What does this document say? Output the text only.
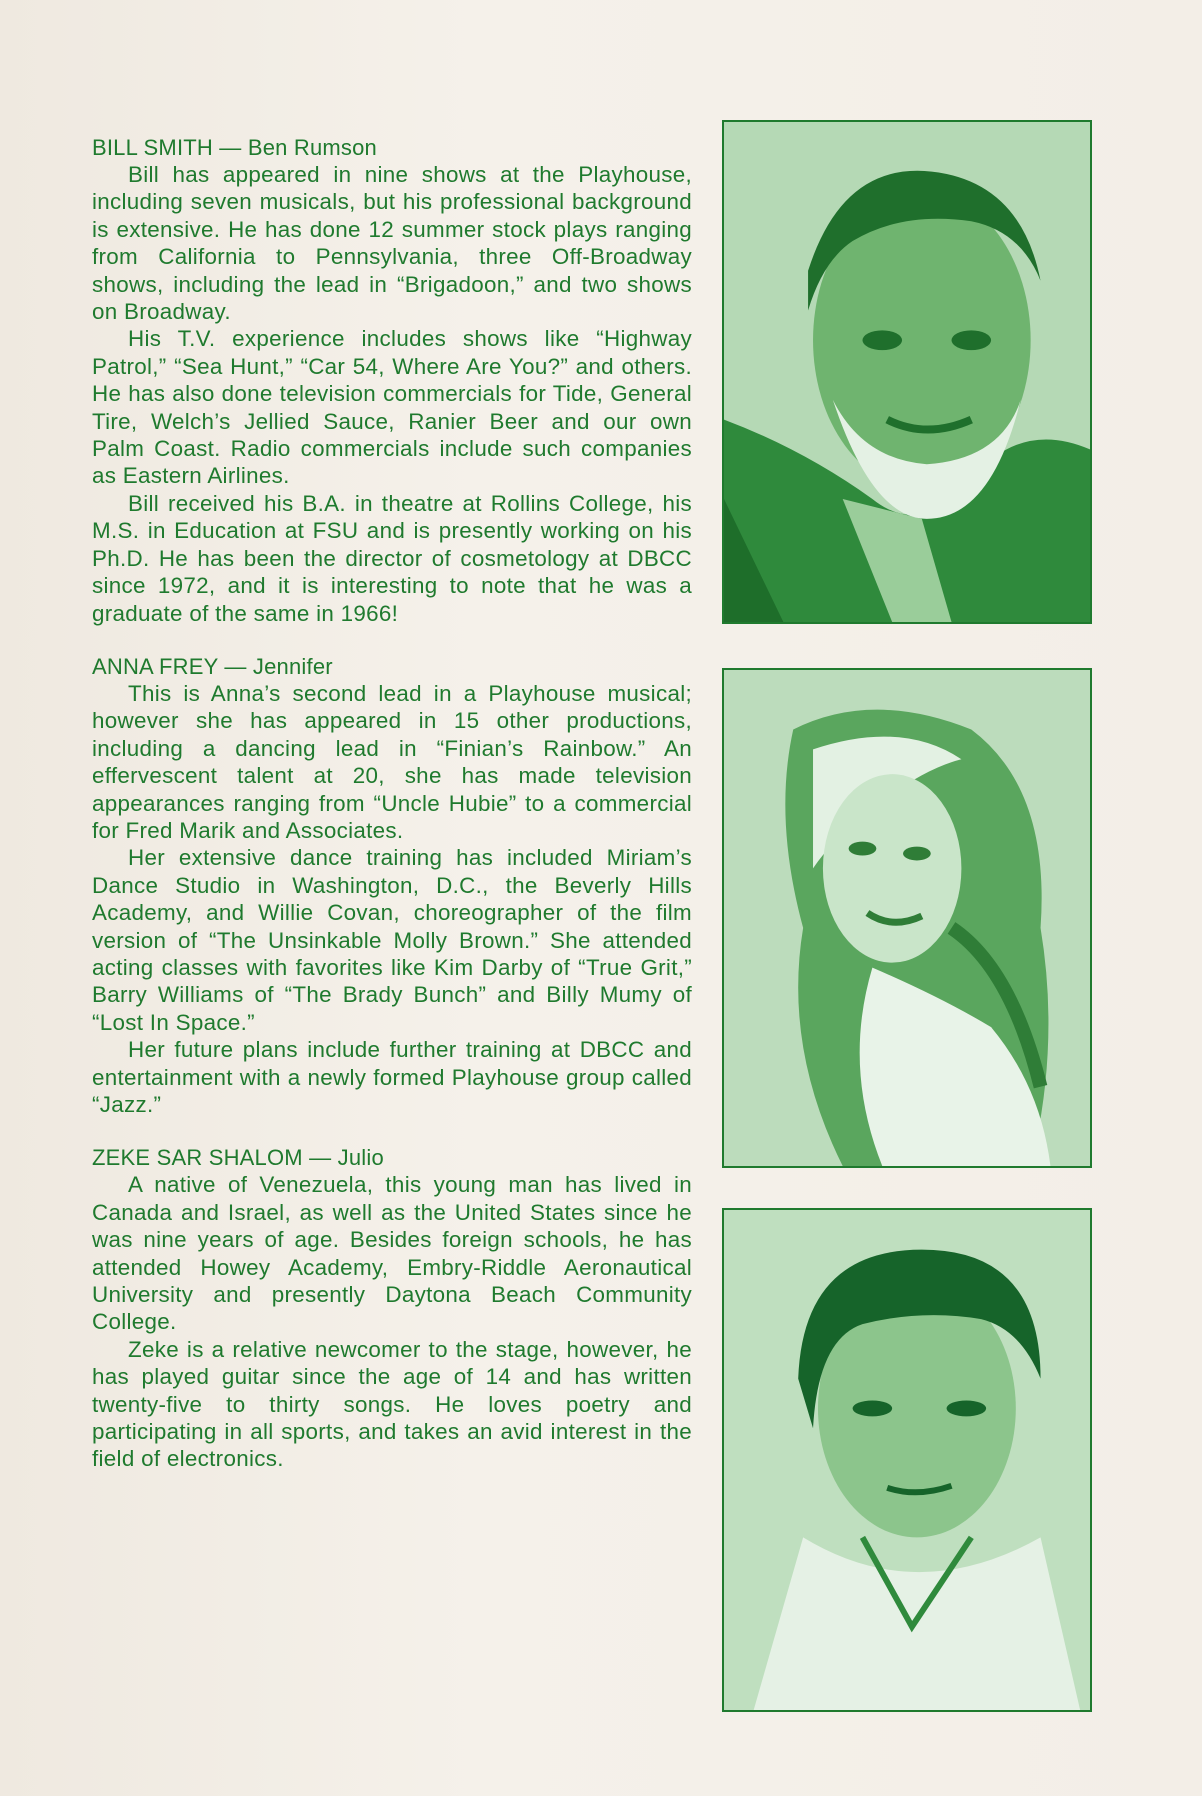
BILL SMITH — Ben Rumson

Bill has appeared in nine shows at the Playhouse, including seven musicals, but his professional background is extensive. He has done 12 summer stock plays ranging from California to Pennsylvania, three Off-Broadway shows, including the lead in “Brigadoon,” and two shows on Broadway.

His T.V. experience includes shows like “Highway Patrol,” “Sea Hunt,” “Car 54, Where Are You?” and others. He has also done television commercials for Tide, General Tire, Welch’s Jellied Sauce, Ranier Beer and our own Palm Coast. Radio commercials include such companies as Eastern Airlines.

Bill received his B.A. in theatre at Rollins College, his M.S. in Education at FSU and is presently working on his Ph.D. He has been the director of cosmetology at DBCC since 1972, and it is interesting to note that he was a graduate of the same in 1966!

ANNA FREY — Jennifer

This is Anna’s second lead in a Playhouse musical; however she has appeared in 15 other productions, including a dancing lead in “Finian’s Rainbow.” An effervescent talent at 20, she has made television appearances ranging from “Uncle Hubie” to a commercial for Fred Marik and Associates.

Her extensive dance training has included Miriam’s Dance Studio in Washington, D.C., the Beverly Hills Academy, and Willie Covan, choreographer of the film version of “The Unsinkable Molly Brown.” She attended acting classes with favorites like Kim Darby of “True Grit,” Barry Williams of “The Brady Bunch” and Billy Mumy of “Lost In Space.”

Her future plans include further training at DBCC and entertainment with a newly formed Playhouse group called “Jazz.”

ZEKE SAR SHALOM — Julio

A native of Venezuela, this young man has lived in Canada and Israel, as well as the United States since he was nine years of age. Besides foreign schools, he has attended Howey Academy, Embry-Riddle Aeronautical University and presently Daytona Beach Community College.

Zeke is a relative newcomer to the stage, however, he has played guitar since the age of 14 and has written twenty-five to thirty songs. He loves poetry and participating in all sports, and takes an avid interest in the field of electronics.
